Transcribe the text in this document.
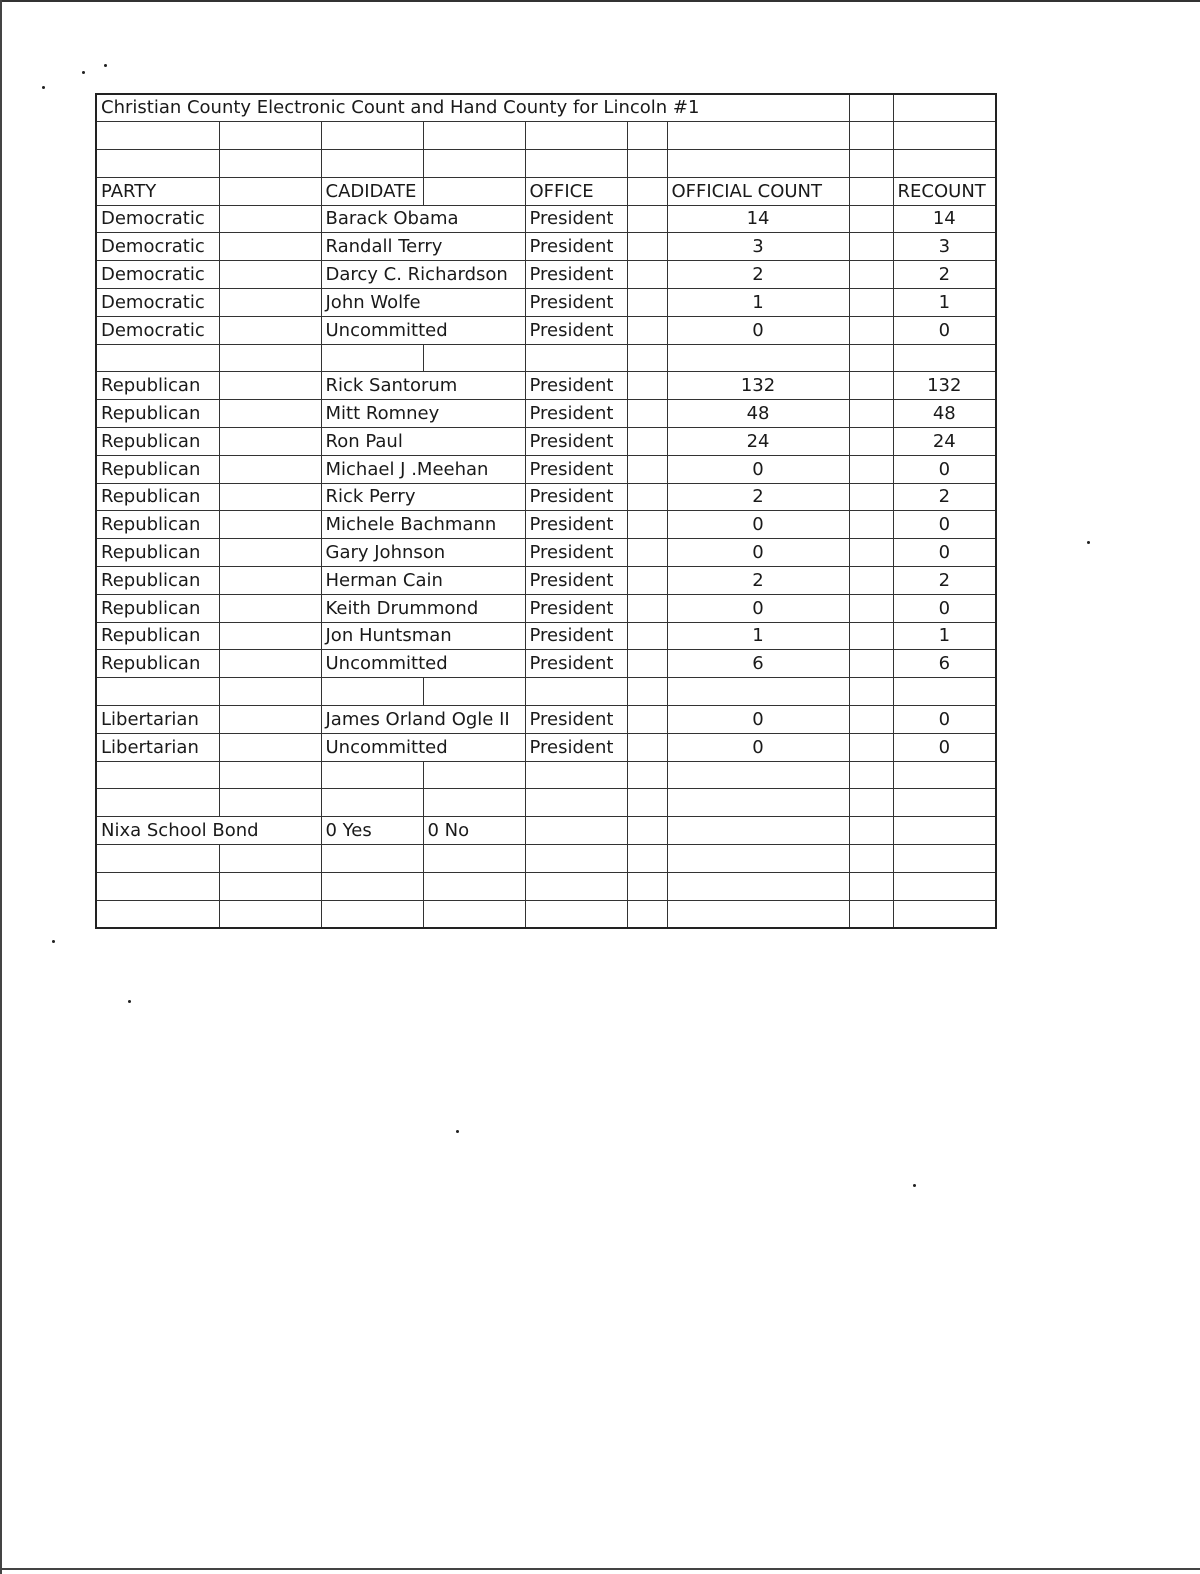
Christian County Electronic Count and Hand County for Lincoln #1								

PARTY		CADIDATE		OFFICE		OFFICIAL COUNT		RECOUNT
Democratic		Barack Obama		President		14		14
Democratic		Randall Terry		President		3		3
Democratic		Darcy C. Richardson		President		2		2
Democratic		John Wolfe		President		1		1
Democratic		Uncommitted		President		0		0

Republican		Rick Santorum		President		132		132
Republican		Mitt Romney		President		48		48
Republican		Ron Paul		President		24		24
Republican		Michael J .Meehan		President		0		0
Republican		Rick Perry		President		2		2
Republican		Michele Bachmann		President		0		0
Republican		Gary Johnson		President		0		0
Republican		Herman Cain		President		2		2
Republican		Keith Drummond		President		0		0
Republican		Jon Huntsman		President		1		1
Republican		Uncommitted		President		6		6

Libertarian		James Orland Ogle II		President		0		0
Libertarian		Uncommitted		President		0		0

Nixa School Bond		0 Yes	0 No					
